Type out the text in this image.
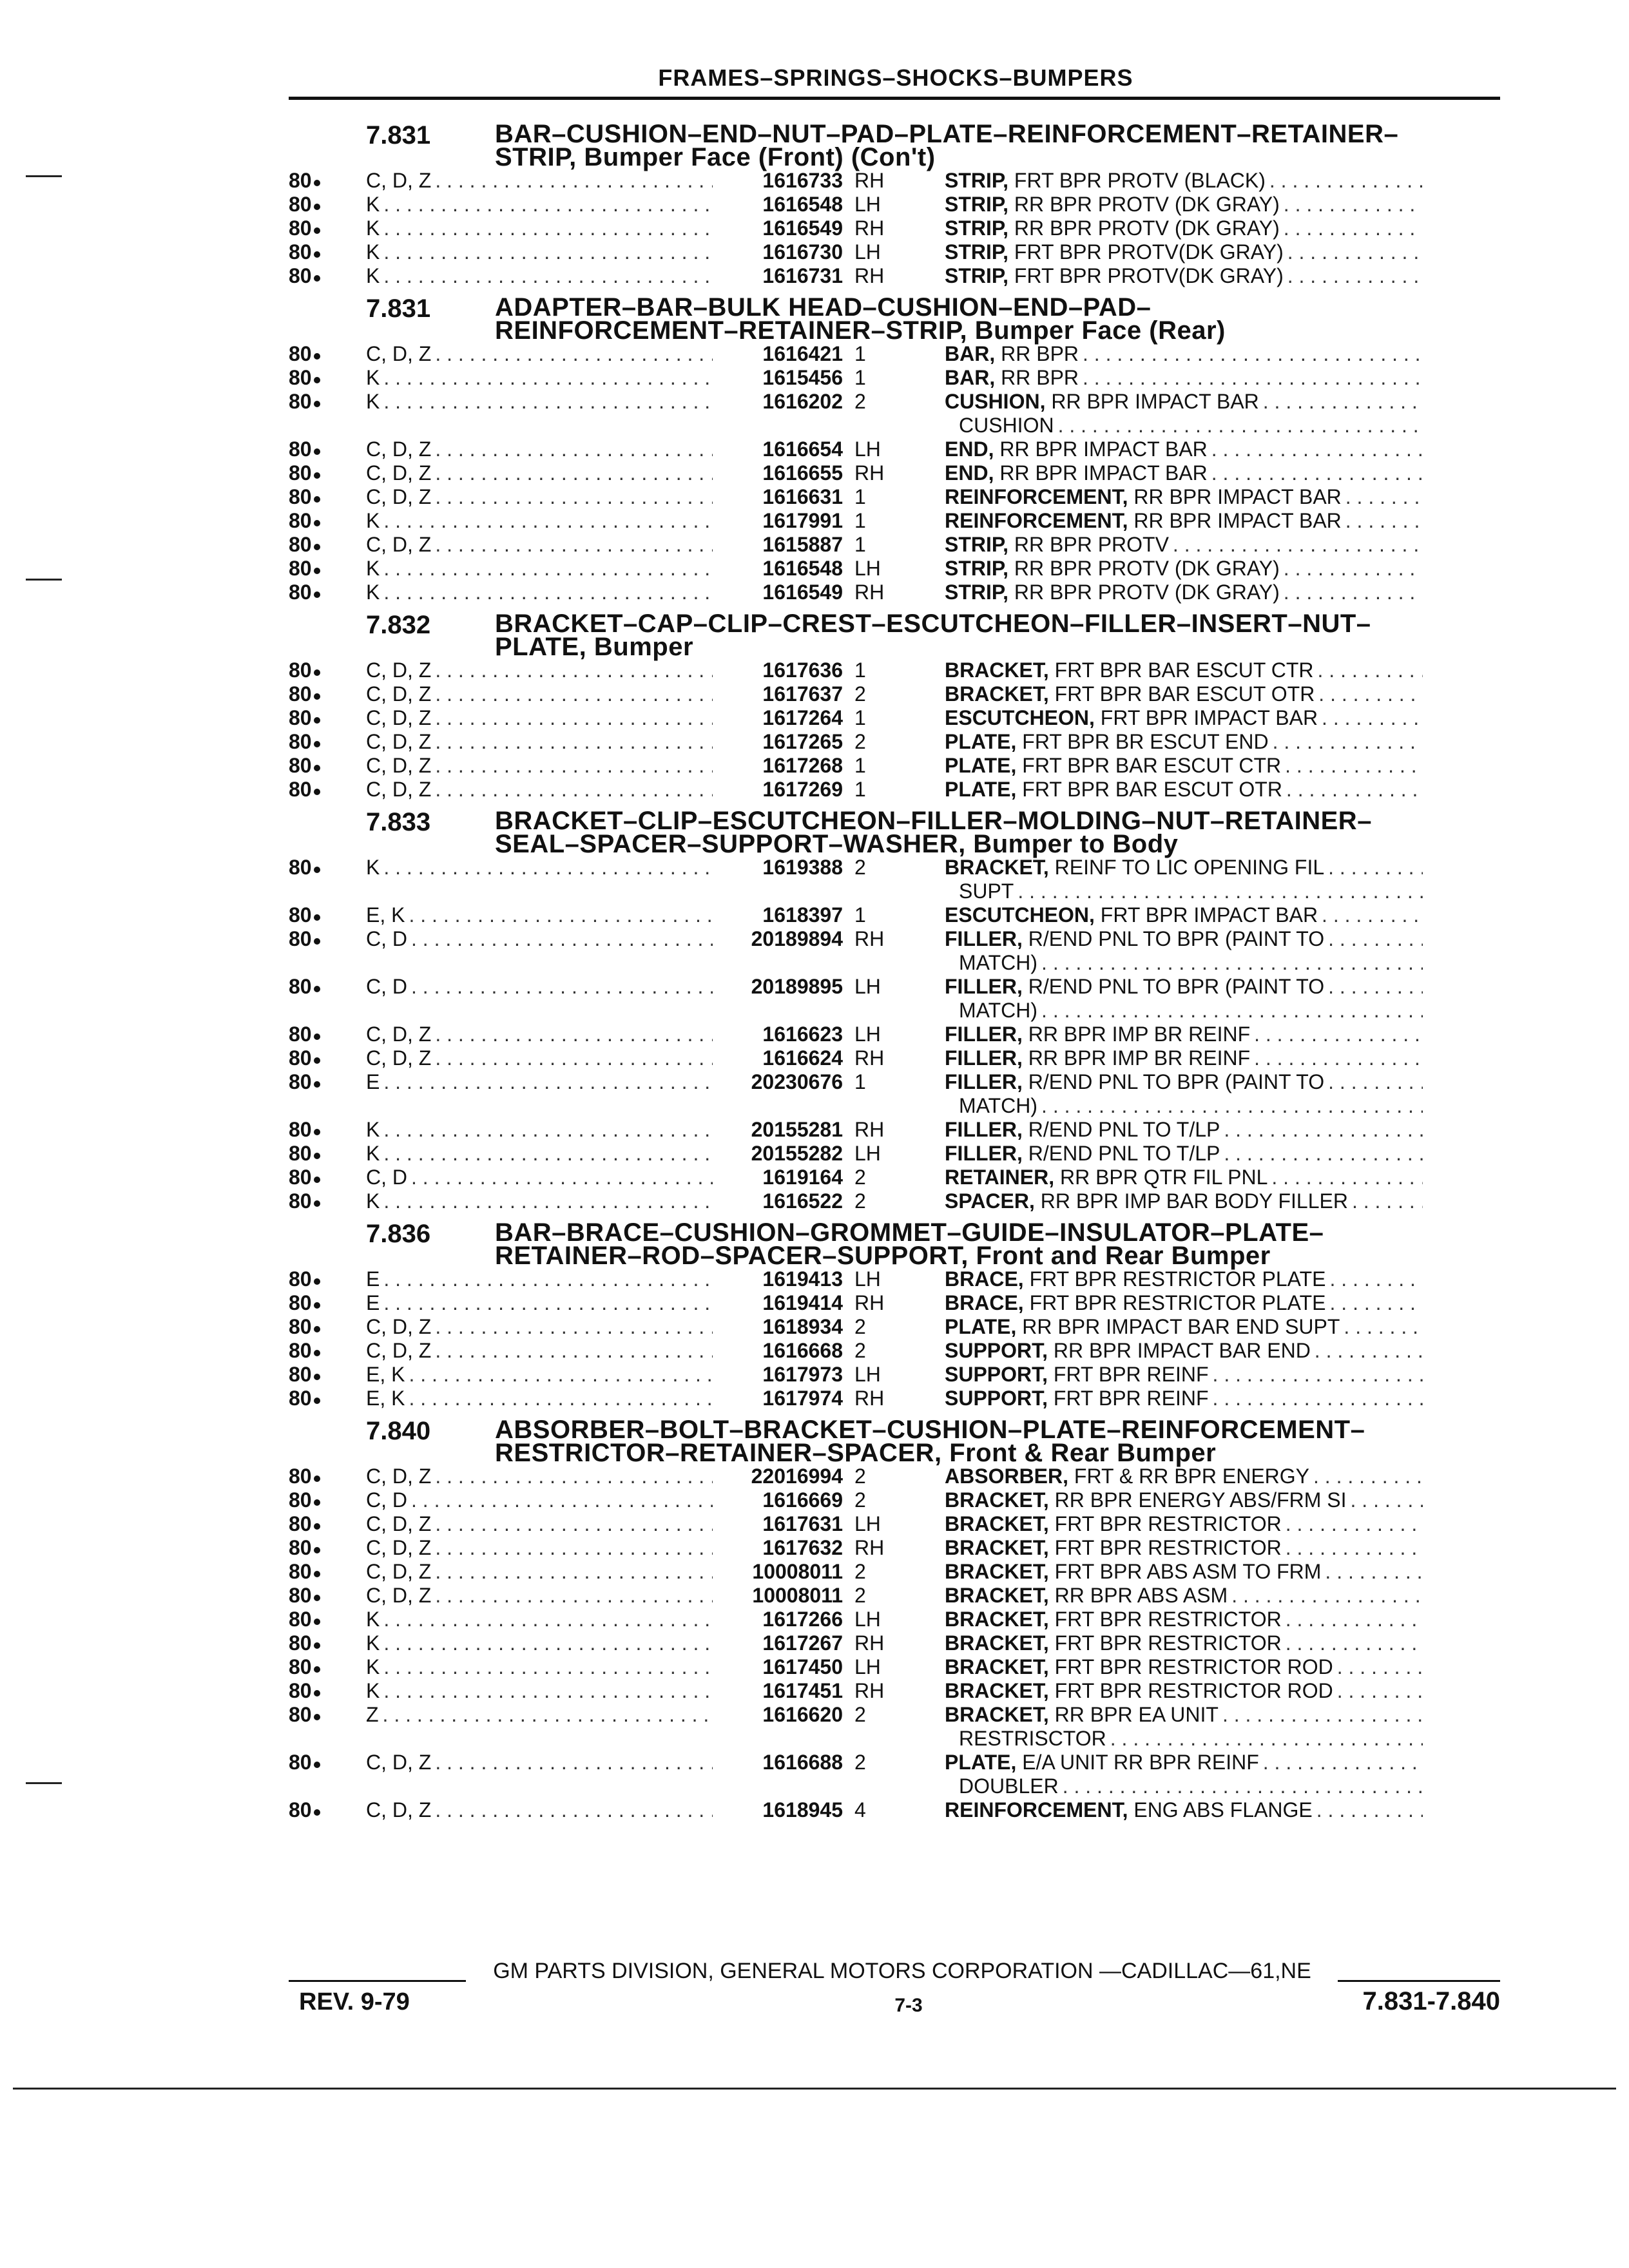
FRAMES–SPRINGS–SHOCKS–BUMPERS
7.831	BAR–CUSHION–END–NUT–PAD–PLATE–REINFORCEMENT–RETAINER–
STRIP, Bumper Face (Front) (Con't)
80	C, D, Z . . .	1616733 RH	STRIP, FRT BPR PROTV (BLACK)
. . .
80	K . . .	1616548 LH	STRIP, RR BPR PROTV (DK GRAY)
. . .
80	K . . .	1616549 RH	STRIP, RR BPR PROTV (DK GRAY)
. . .
80	K . . .	1616730 LH	STRIP, FRT BPR PROTV(DK GRAY)
. . .
80	K . . .	1616731 RH	STRIP, FRT BPR PROTV(DK GRAY)
. . .
7.831	ADAPTER–BAR–BULK HEAD–CUSHION–END–PAD–
REINFORCEMENT–RETAINER–STRIP, Bumper Face (Rear)
80	C, D, Z . . .	1616421 1	BAR, RR BPR
. . .
80	K . . .	1615456 1	BAR, RR BPR
. . .
80	K . . .	1616202 2	CUSHION, RR BPR IMPACT BAR
. . .
CUSHION
. . .
80	C, D, Z . . .	1616654 LH	END, RR BPR IMPACT BAR
. . .
80	C, D, Z . . .	1616655 RH	END, RR BPR IMPACT BAR
. . .
80	C, D, Z . . .	1616631 1	REINFORCEMENT, RR BPR IMPACT BAR
. . .
80	K . . .	1617991 1	REINFORCEMENT, RR BPR IMPACT BAR
. . .
80	C, D, Z . . .	1615887 1	STRIP, RR BPR PROTV
. . .
80	K . . .	1616548 LH	STRIP, RR BPR PROTV (DK GRAY)
. . .
80	K . . .	1616549 RH	STRIP, RR BPR PROTV (DK GRAY)
. . .
7.832	BRACKET–CAP–CLIP–CREST–ESCUTCHEON–FILLER–INSERT–NUT–
PLATE, Bumper
80	C, D, Z . . .	1617636 1	BRACKET, FRT BPR BAR ESCUT CTR
. . .
80	C, D, Z . . .	1617637 2	BRACKET, FRT BPR BAR ESCUT OTR
. . .
80	C, D, Z . . .	1617264 1	ESCUTCHEON, FRT BPR IMPACT BAR
. . .
80	C, D, Z . . .	1617265 2	PLATE, FRT BPR BR ESCUT END
. . .
80	C, D, Z . . .	1617268 1	PLATE, FRT BPR BAR ESCUT CTR
. . .
80	C, D, Z . . .	1617269 1	PLATE, FRT BPR BAR ESCUT OTR
. . .
7.833	BRACKET–CLIP–ESCUTCHEON–FILLER–MOLDING–NUT–RETAINER–
SEAL–SPACER–SUPPORT–WASHER, Bumper to Body
80	K . . .	1619388 2	BRACKET, REINF TO LIC OPENING FIL
. . .
SUPT
. . .
80	E, K . . .	1618397 1	ESCUTCHEON, FRT BPR IMPACT BAR
. . .
80	C, D . . .	20189894 RH	FILLER, R/END PNL TO BPR (PAINT TO
. . .
MATCH)
. . .
80	C, D . . .	20189895 LH	FILLER, R/END PNL TO BPR (PAINT TO
. . .
MATCH)
. . .
80	C, D, Z . . .	1616623 LH	FILLER, RR BPR IMP BR REINF
. . .
80	C, D, Z . . .	1616624 RH	FILLER, RR BPR IMP BR REINF
. . .
80	E . . .	20230676 1	FILLER, R/END PNL TO BPR (PAINT TO
. . .
MATCH)
. . .
80	K . . .	20155281 RH	FILLER, R/END PNL TO T/LP
. . .
80	K . . .	20155282 LH	FILLER, R/END PNL TO T/LP
. . .
80	C, D . . .	1619164 2	RETAINER, RR BPR QTR FIL PNL
. . .
80	K . . .	1616522 2	SPACER, RR BPR IMP BAR BODY FILLER
. . .
7.836	BAR–BRACE–CUSHION–GROMMET–GUIDE–INSULATOR–PLATE–
RETAINER–ROD–SPACER–SUPPORT, Front and Rear Bumper
80	E . . .	1619413 LH	BRACE, FRT BPR RESTRICTOR PLATE
. . .
80	E . . .	1619414 RH	BRACE, FRT BPR RESTRICTOR PLATE
. . .
80	C, D, Z . . .	1618934 2	PLATE, RR BPR IMPACT BAR END SUPT
. . .
80	C, D, Z . . .	1616668 2	SUPPORT, RR BPR IMPACT BAR END
. . .
80	E, K . . .	1617973 LH	SUPPORT, FRT BPR REINF
. . .
80	E, K . . .	1617974 RH	SUPPORT, FRT BPR REINF
. . .
7.840	ABSORBER–BOLT–BRACKET–CUSHION–PLATE–REINFORCEMENT–
RESTRICTOR–RETAINER–SPACER, Front & Rear Bumper
80	C, D, Z . . .	22016994 2	ABSORBER, FRT & RR BPR ENERGY
. . .
80	C, D . . .	1616669 2	BRACKET, RR BPR ENERGY ABS/FRM SI
. . .
80	C, D, Z . . .	1617631 LH	BRACKET, FRT BPR RESTRICTOR
. . .
80	C, D, Z . . .	1617632 RH	BRACKET, FRT BPR RESTRICTOR
. . .
80	C, D, Z . . .	10008011 2	BRACKET, FRT BPR ABS ASM TO FRM
. . .
80	C, D, Z . . .	10008011 2	BRACKET, RR BPR ABS ASM
. . .
80	K . . .	1617266 LH	BRACKET, FRT BPR RESTRICTOR
. . .
80	K . . .	1617267 RH	BRACKET, FRT BPR RESTRICTOR
. . .
80	K . . .	1617450 LH	BRACKET, FRT BPR RESTRICTOR ROD
. . .
80	K . . .	1617451 RH	BRACKET, FRT BPR RESTRICTOR ROD
. . .
80	Z . . .	1616620 2	BRACKET, RR BPR EA UNIT
. . .
RESTRISCTOR
. . .
80	C, D, Z . . .	1616688 2	PLATE, E/A UNIT RR BPR REINF
. . .
DOUBLER
. . .
80	C, D, Z . . .	1618945 4	REINFORCEMENT, ENG ABS FLANGE
. . .
GM PARTS DIVISION, GENERAL MOTORS CORPORATION —CADILLAC—61,NE
REV. 9-79	7-3	7.831-7.840
